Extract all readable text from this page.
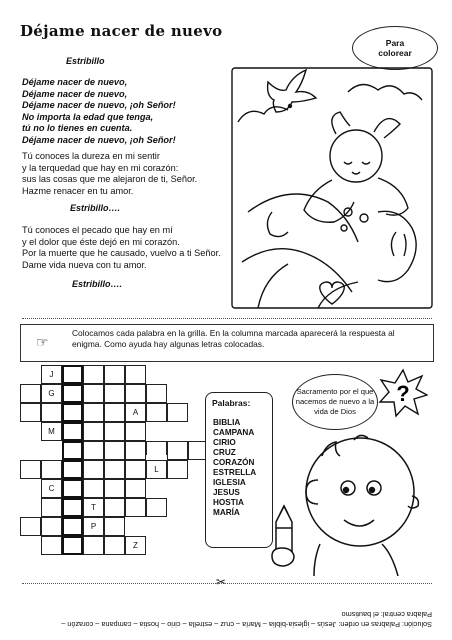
Déjame nacer de nuevo
Estribillo
Déjame nacer de nuevo,
Déjame nacer de nuevo,
Déjame nacer de nuevo, ¡oh Señor!
No importa la edad que tenga,
tú no lo tienes en cuenta.
Déjame nacer de nuevo, ¡oh Señor!
Tú conoces la dureza en mi sentir
y la terquedad que hay en mi corazón:
sus las cosas que me alejaron de ti, Señor.
Hazme renacer en tu amor.
Estribillo….
Tú conoces el pecado que hay en mí
y el dolor que éste dejó en mi corazón.
Por la muerte que he causado, vuelvo a ti Señor.
Dame vida nueva con tu amor.
Estribillo….
Para
colorear
☞
Colocamos cada palabra en la grilla. En la columna marcada aparecerá la respuesta al enigma. Como ayuda hay algunas letras colocadas.
J
G
A
M
L
C
T
P
Z
Palabras:
BIBLIA
CAMPANA
CIRIO
CRUZ
CORAZÓN
ESTRELLA
IGLESIA
JESUS
HOSTIA
MARÍA
Sacramento por el que nacemos de nuevo a la vida de Dios
?
✂
Solución: Palabras en orden: Jesús – iglesia-biblia – María – cruz – estrella – cirio – hostia – campana – corazón –
Palabra central: el bautismo
